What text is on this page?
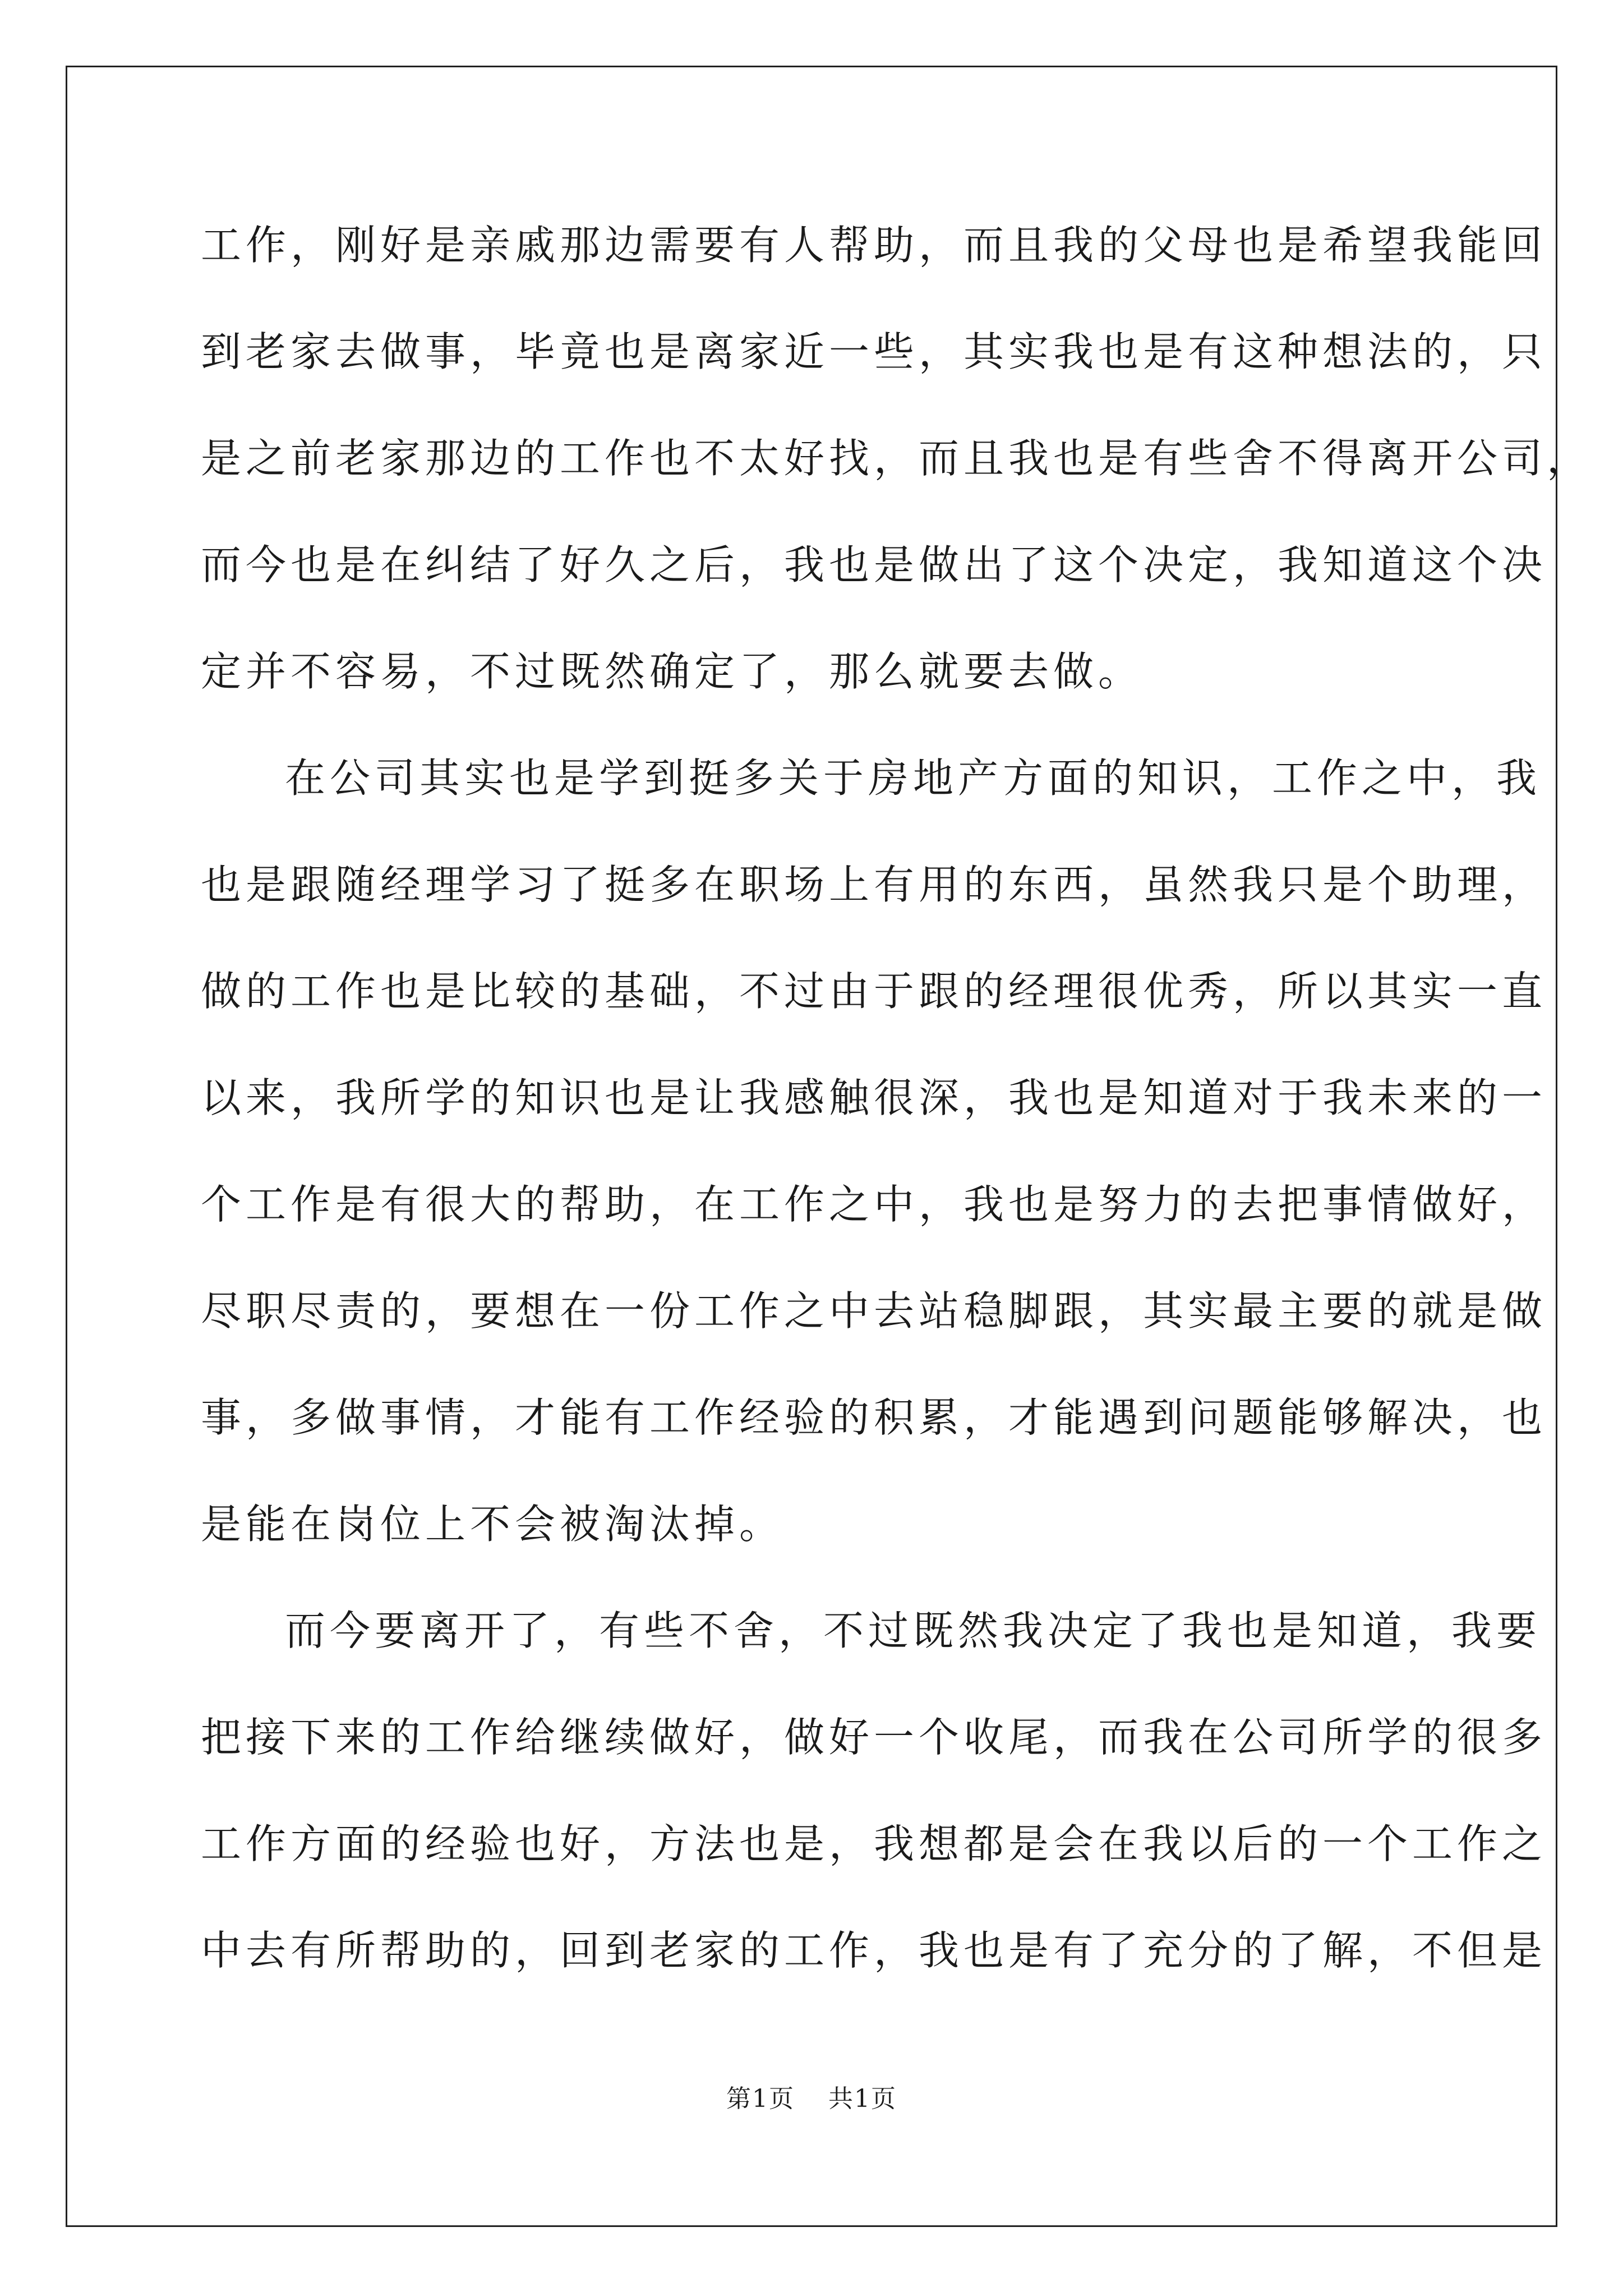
工作，刚好是亲戚那边需要有人帮助，而且我的父母也是希望我能回
到老家去做事，毕竟也是离家近一些，其实我也是有这种想法的，只
是之前老家那边的工作也不太好找，而且我也是有些舍不得离开公司，
而今也是在纠结了好久之后，我也是做出了这个决定，我知道这个决
定并不容易，不过既然确定了，那么就要去做。
在公司其实也是学到挺多关于房地产方面的知识，工作之中，我
也是跟随经理学习了挺多在职场上有用的东西，虽然我只是个助理，
做的工作也是比较的基础，不过由于跟的经理很优秀，所以其实一直
以来，我所学的知识也是让我感触很深，我也是知道对于我未来的一
个工作是有很大的帮助，在工作之中，我也是努力的去把事情做好，
尽职尽责的，要想在一份工作之中去站稳脚跟，其实最主要的就是做
事，多做事情，才能有工作经验的积累，才能遇到问题能够解决，也
是能在岗位上不会被淘汰掉。
而今要离开了，有些不舍，不过既然我决定了我也是知道，我要
把接下来的工作给继续做好，做好一个收尾，而我在公司所学的很多
工作方面的经验也好，方法也是，我想都是会在我以后的一个工作之
中去有所帮助的，回到老家的工作，我也是有了充分的了解，不但是
第1页 共1页
